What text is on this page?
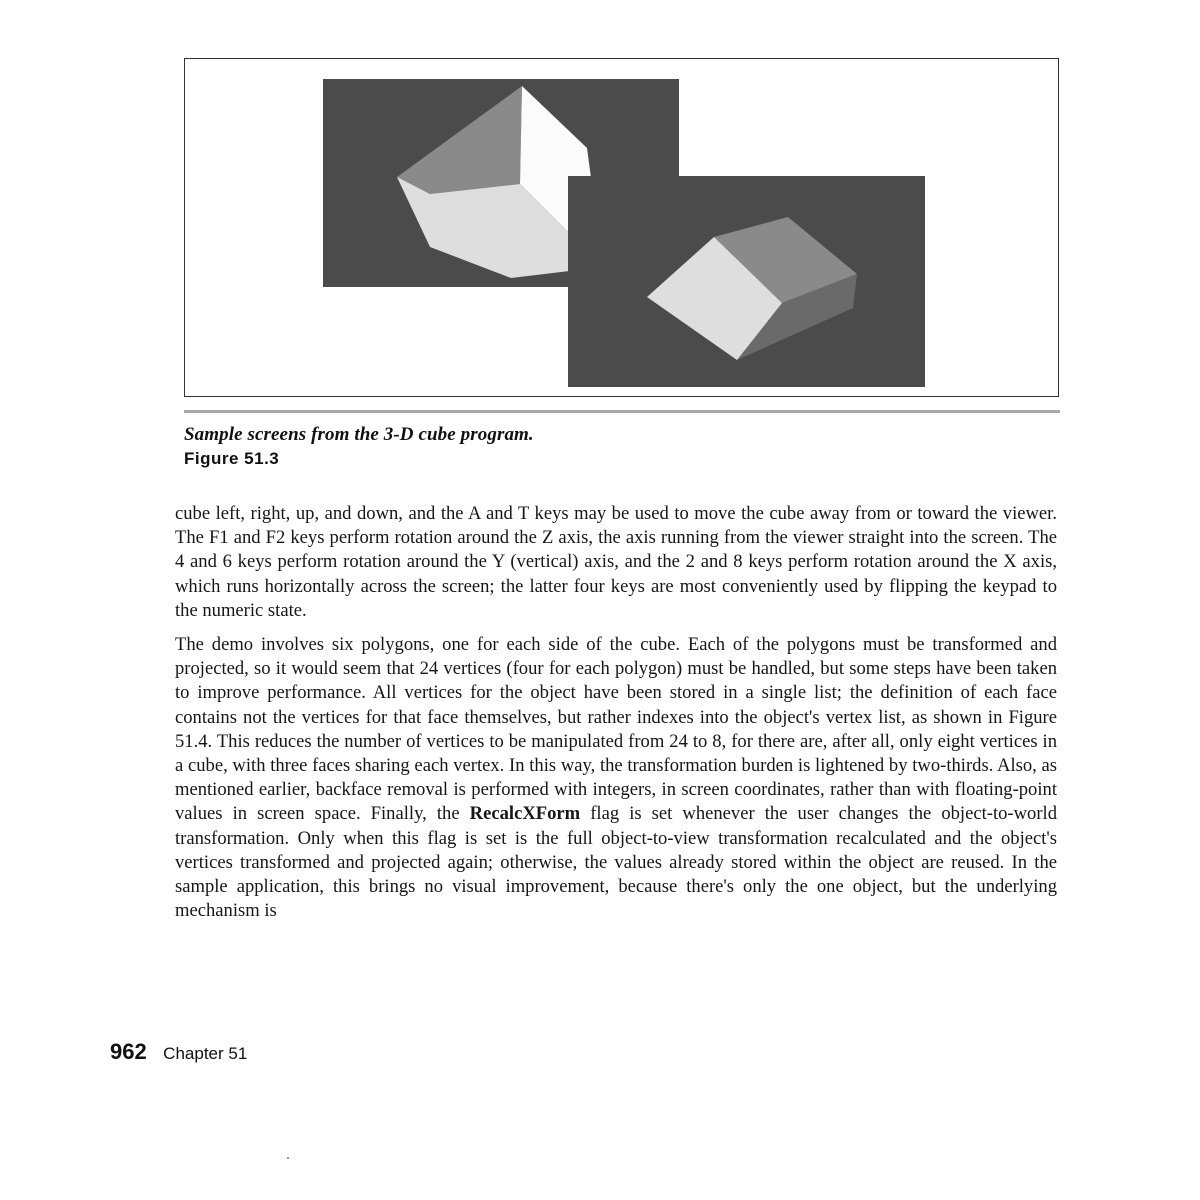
Sample screens from the 3-D cube program.
Figure 51.3

cube left, right, up, and down, and the A and T keys may be used to move the cube away from or toward the viewer. The F1 and F2 keys perform rotation around the Z axis, the axis running from the viewer straight into the screen. The 4 and 6 keys perform rotation around the Y (vertical) axis, and the 2 and 8 keys perform rotation around the X axis, which runs horizontally across the screen; the latter four keys are most conveniently used by flipping the keypad to the numeric state.

The demo involves six polygons, one for each side of the cube. Each of the polygons must be transformed and projected, so it would seem that 24 vertices (four for each polygon) must be handled, but some steps have been taken to improve performance. All vertices for the object have been stored in a single list; the definition of each face contains not the vertices for that face themselves, but rather indexes into the object's vertex list, as shown in Figure 51.4. This reduces the number of vertices to be manipulated from 24 to 8, for there are, after all, only eight vertices in a cube, with three faces sharing each vertex. In this way, the transformation burden is lightened by two-thirds. Also, as mentioned earlier, backface removal is performed with integers, in screen coordinates, rather than with floating-point values in screen space. Finally, the RecalcXForm flag is set whenever the user changes the object-to-world transformation. Only when this flag is set is the full object-to-view transformation recalculated and the object's vertices transformed and projected again; otherwise, the values already stored within the object are reused. In the sample application, this brings no visual improvement, because there's only the one object, but the underlying mechanism is

962 Chapter 51
